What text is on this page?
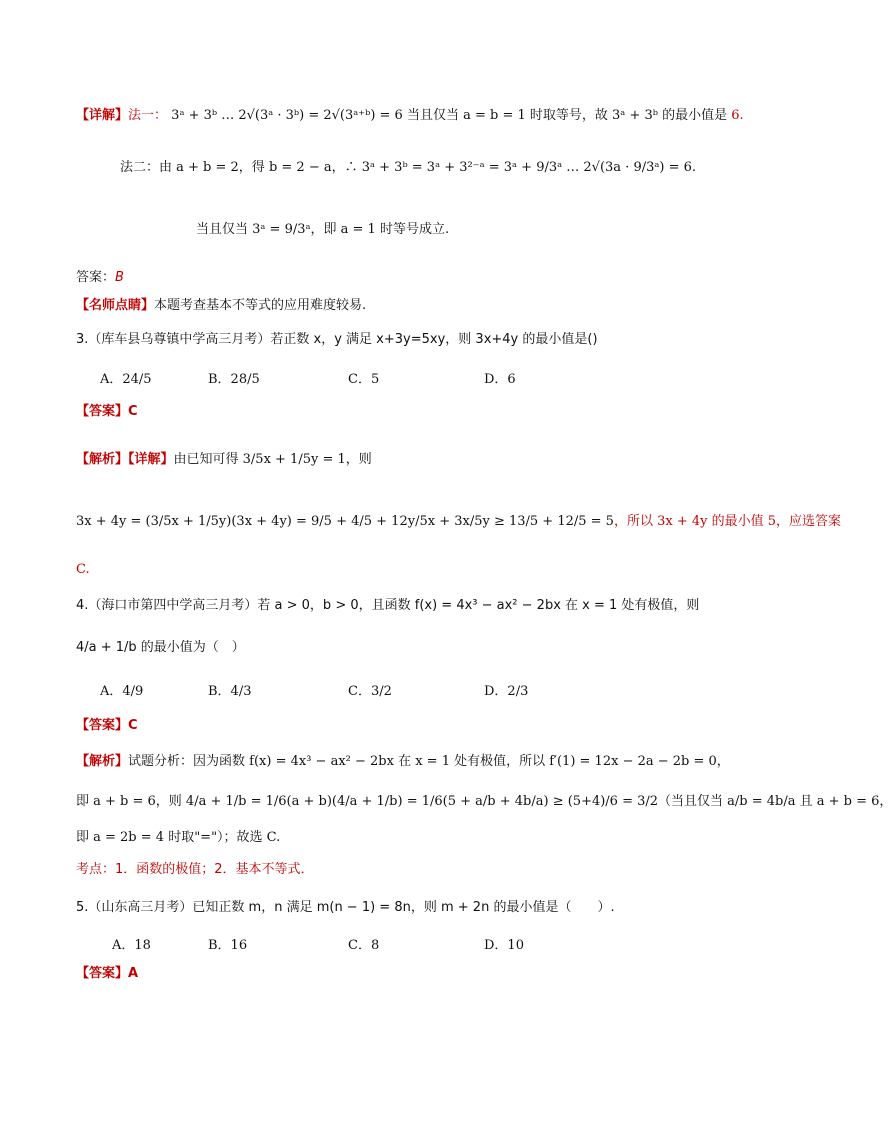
【详解】法一： 3ᵃ + 3ᵇ … 2√(3ᵃ · 3ᵇ) = 2√(3ᵃ⁺ᵇ) = 6 当且仅当 a = b = 1 时取等号，故 3ᵃ + 3ᵇ 的最小值是 6.
法二：由 a + b = 2，得 b = 2 − a，∴ 3ᵃ + 3ᵇ = 3ᵃ + 3²⁻ᵃ = 3ᵃ + 9/3ᵃ … 2√(3a · 9/3ᵃ) = 6.
当且仅当 3ᵃ = 9/3ᵃ，即 a = 1 时等号成立.
答案：B
【名师点睛】本题考查基本不等式的应用难度较易.
3.（库车县乌尊镇中学高三月考）若正数 x，y 满足 x+3y=5xy，则 3x+4y 的最小值是()
A．24/5	B．28/5	C．5	D．6
【答案】C
【解析】【详解】由已知可得 3/5x + 1/5y = 1，则
3x + 4y = (3/5x + 1/5y)(3x + 4y) = 9/5 + 4/5 + 12y/5x + 3x/5y ≥ 13/5 + 12/5 = 5，所以 3x + 4y 的最小值 5，应选答案
C.
4.（海口市第四中学高三月考）若 a > 0，b > 0，且函数 f(x) = 4x³ − ax² − 2bx 在 x = 1 处有极值，则
4/a + 1/b 的最小值为（　）
A．4/9	B．4/3	C．3/2	D．2/3
【答案】C
【解析】试题分析：因为函数 f(x) = 4x³ − ax² − 2bx 在 x = 1 处有极值，所以 f′(1) = 12x − 2a − 2b = 0，
即 a + b = 6，则 4/a + 1/b = 1/6(a + b)(4/a + 1/b) = 1/6(5 + a/b + 4b/a) ≥ (5+4)/6 = 3/2（当且仅当 a/b = 4b/a 且 a + b = 6，
即 a = 2b = 4 时取"="）；故选 C.
考点：1．函数的极值；2．基本不等式．
5.（山东高三月考）已知正数 m，n 满足 m(n − 1) = 8n，则 m + 2n 的最小值是（　　）.
A．18	B．16	C．8	D．10
【答案】A
